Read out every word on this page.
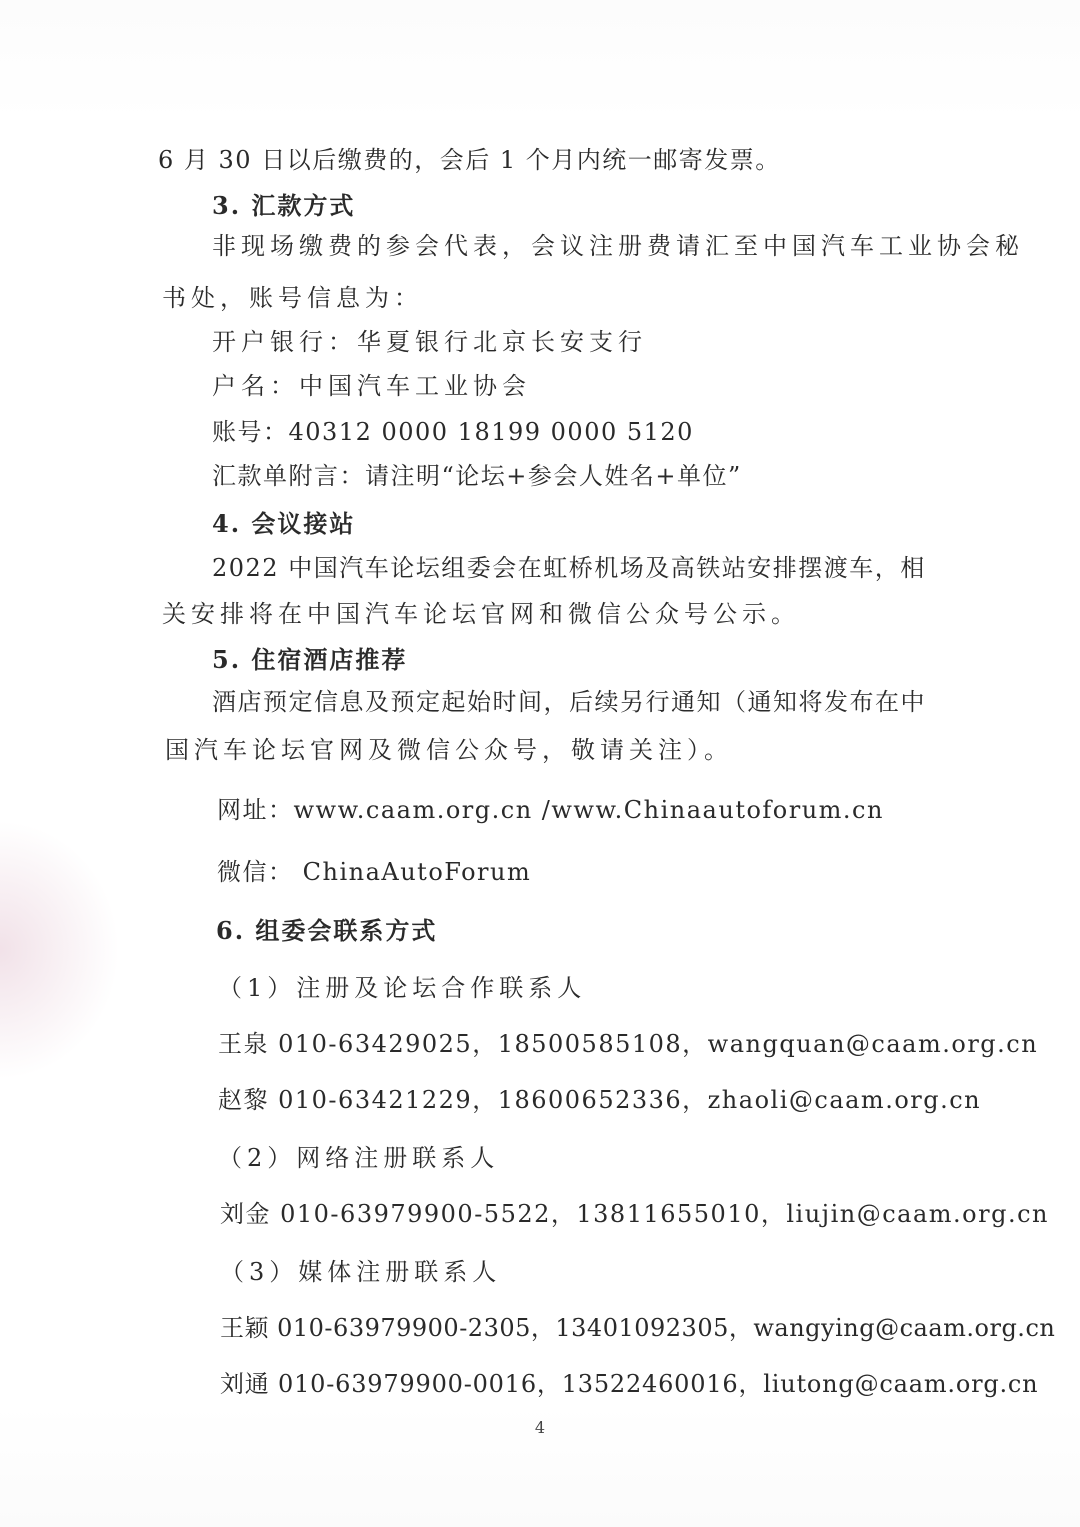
6 月 30 日以后缴费的，会后 1 个月内统一邮寄发票。
3. 汇款方式
非现场缴费的参会代表，会议注册费请汇至中国汽车工业协会秘
书处，账号信息为：
开户银行：华夏银行北京长安支行
户名：中国汽车工业协会
账号：40312 0000 18199 0000 5120
汇款单附言：请注明“论坛+参会人姓名+单位”
4. 会议接站
2022 中国汽车论坛组委会在虹桥机场及高铁站安排摆渡车，相
关安排将在中国汽车论坛官网和微信公众号公示。
5. 住宿酒店推荐
酒店预定信息及预定起始时间，后续另行通知（通知将发布在中
国汽车论坛官网及微信公众号，敬请关注）。
网址：www.caam.org.cn /www.Chinaautoforum.cn
微信： ChinaAutoForum
6. 组委会联系方式
（1）注册及论坛合作联系人
王泉 010-63429025，18500585108，wangquan@caam.org.cn
赵黎 010-63421229，18600652336，zhaoli@caam.org.cn
（2）网络注册联系人
刘金 010-63979900-5522，13811655010，liujin@caam.org.cn
（3）媒体注册联系人
王颖 010-63979900-2305，13401092305，wangying@caam.org.cn
刘通 010-63979900-0016，13522460016，liutong@caam.org.cn
4
